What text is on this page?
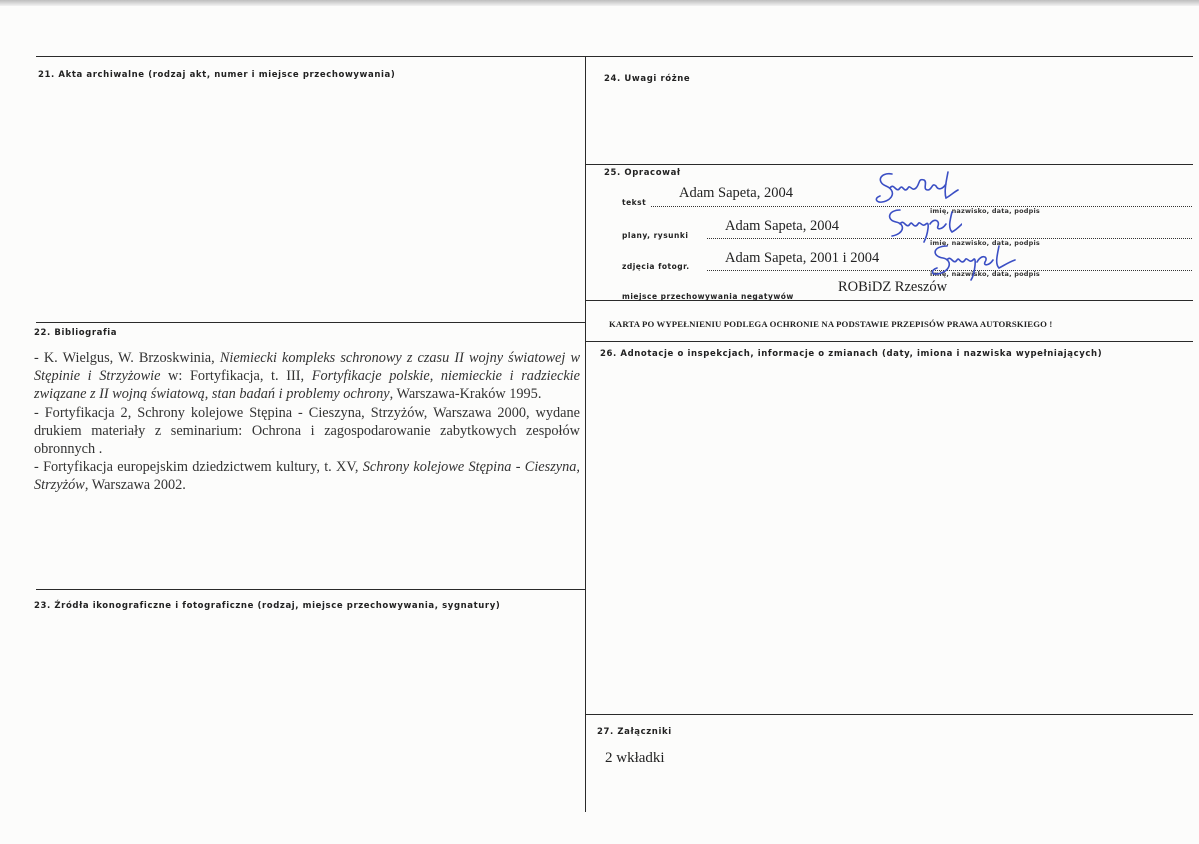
21. Akta archiwalne (rodzaj akt, numer i miejsce przechowywania)
22. Bibliografia

- K. Wielgus, W. Brzoskwinia, Niemiecki kompleks schronowy z czasu II wojny światowej w Stępinie i Strzyżowie w: Fortyfikacja, t. III, Fortyfikacje polskie, niemieckie i radzieckie związane z II wojną światową, stan badań i problemy ochrony, Warszawa-Kraków 1995.

- Fortyfikacja 2, Schrony kolejowe Stępina - Cieszyna, Strzyżów, Warszawa 2000, wydane drukiem materiały z seminarium: Ochrona i zagospodarowanie zabytkowych zespołów obronnych .

- Fortyfikacja europejskim dziedzictwem kultury, t. XV, Schrony kolejowe Stępina - Cieszyna, Strzyżów, Warszawa 2002.

23. Źródła ikonograficzne i fotograficzne (rodzaj, miejsce przechowywania, sygnatury)
24. Uwagi różne
25. Opracował
tekst
Adam Sapeta, 2004
imię, nazwisko, data, podpis
plany, rysunki
Adam Sapeta, 2004
imię, nazwisko, data, podpis
zdjęcia fotogr.
Adam Sapeta, 2001 i 2004
imię, nazwisko, data, podpis
miejsce przechowywania negatywów
ROBiDZ Rzeszów
KARTA PO WYPEŁNIENIU PODLEGA OCHRONIE NA PODSTAWIE PRZEPISÓW PRAWA AUTORSKIEGO !
26. Adnotacje o inspekcjach, informacje o zmianach (daty, imiona i nazwiska wypełniających)
27. Załączniki
2 wkładki
